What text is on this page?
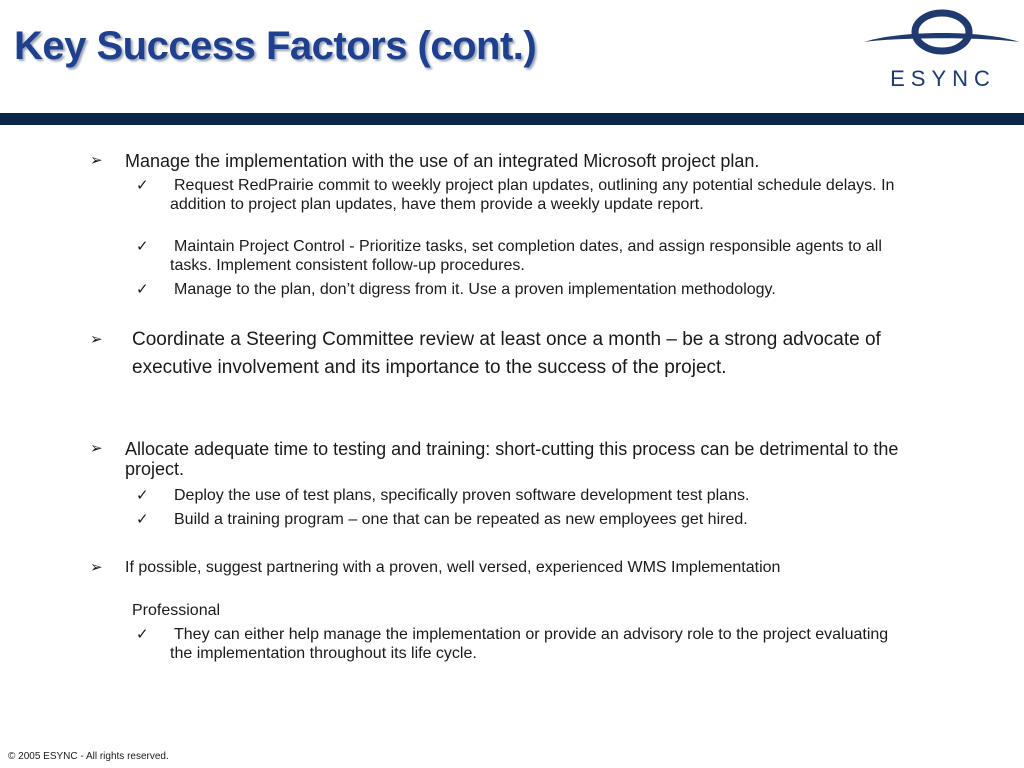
Key Success Factors (cont.)
ESYNC
➢	Manage the implementation with the use of an integrated Microsoft project plan.
✓	Request RedPrairie commit to weekly project plan updates, outlining any potential schedule delays. In addition to project plan updates, have them provide a weekly update report.
✓	Maintain Project Control - Prioritize tasks, set completion dates, and assign responsible agents to all tasks. Implement consistent follow-up procedures.
✓	Manage to the plan, don’t digress from it. Use a proven implementation methodology.
➢	Coordinate a Steering Committee review at least once a month – be a strong advocate of executive involvement and its importance to the success of the project.
➢	Allocate adequate time to testing and training: short-cutting this process can be detrimental to the project.
✓	Deploy the use of test plans, specifically proven software development test plans.
✓	Build a training program – one that can be repeated as new employees get hired.
➢	If possible, suggest partnering with a proven, well versed, experienced WMS Implementation
Professional
✓	They can either help manage the implementation or provide an advisory role to the project evaluating the implementation throughout its life cycle.
© 2005 ESYNC - All rights reserved.
